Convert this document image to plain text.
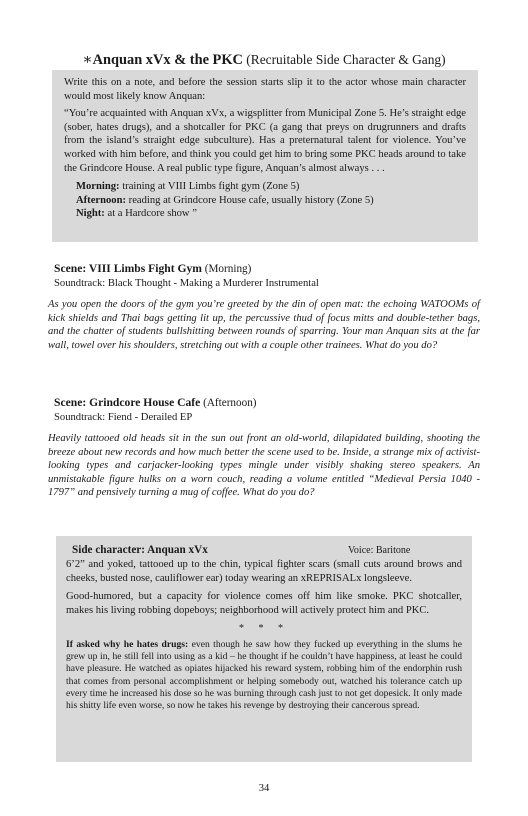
∗Anquan xVx & the PKC (Recruitable Side Character & Gang)

Write this on a note, and before the session starts slip it to the actor whose main character would most likely know Anquan:

“You’re acquainted with Anquan xVx, a wigsplitter from Municipal Zone 5. He’s straight edge (sober, hates drugs), and a shotcaller for PKC (a gang that preys on drugrunners and drafts from the island’s straight edge subculture). Has a preternatural talent for violence. You’ve worked with him before, and think you could get him to bring some PKC heads around to take the Grindcore House. A real public type figure, Anquan’s almost always . . .

Morning: training at VIII Limbs fight gym (Zone 5)
Afternoon: reading at Grindcore House cafe, usually history (Zone 5)
Night: at a Hardcore show ”
Scene: VIII Limbs Fight Gym (Morning)
Soundtrack: Black Thought - Making a Murderer Instrumental

As you open the doors of the gym you’re greeted by the din of open mat: the echoing WATOOMs of kick shields and Thai bags getting lit up, the percussive thud of focus mitts and double-tether bags, and the chatter of students bullshitting between rounds of sparring. Your man Anquan sits at the far wall, towel over his shoulders, stretching out with a couple other trainees. What do you do?

Scene: Grindcore House Cafe (Afternoon)
Soundtrack: Fiend - Derailed EP

Heavily tattooed old heads sit in the sun out front an old-world, dilapidated building, shooting the breeze about new records and how much better the scene used to be. Inside, a strange mix of activist-looking types and carjacker-looking types mingle under visibly shaking stereo speakers. An unmistakable figure hulks on a worn couch, reading a volume entitled “Medieval Persia 1040 - 1797” and pensively turning a mug of coffee. What do you do?

Side character: Anquan xVx	Voice: Baritone

6’2” and yoked, tattooed up to the chin, typical fighter scars (small cuts around brows and cheeks, busted nose, cauliflower ear) today wearing an xREPRISALx longsleeve.

Good-humored, but a capacity for violence comes off him like smoke. PKC shotcaller, makes his living robbing dopeboys; neighborhood will actively protect him and PKC.

* * *

If asked why he hates drugs: even though he saw how they fucked up everything in the slums he grew up in, he still fell into using as a kid – he thought if he couldn’t have happiness, at least he could have pleasure. He watched as opiates hijacked his reward system, robbing him of the endorphin rush that comes from personal accomplishment or helping somebody out, watched his tolerance catch up every time he increased his dose so he was burning through cash just to not get dopesick. It only made his shitty life even worse, so now he takes his revenge by destroying their cancerous spread.

34
